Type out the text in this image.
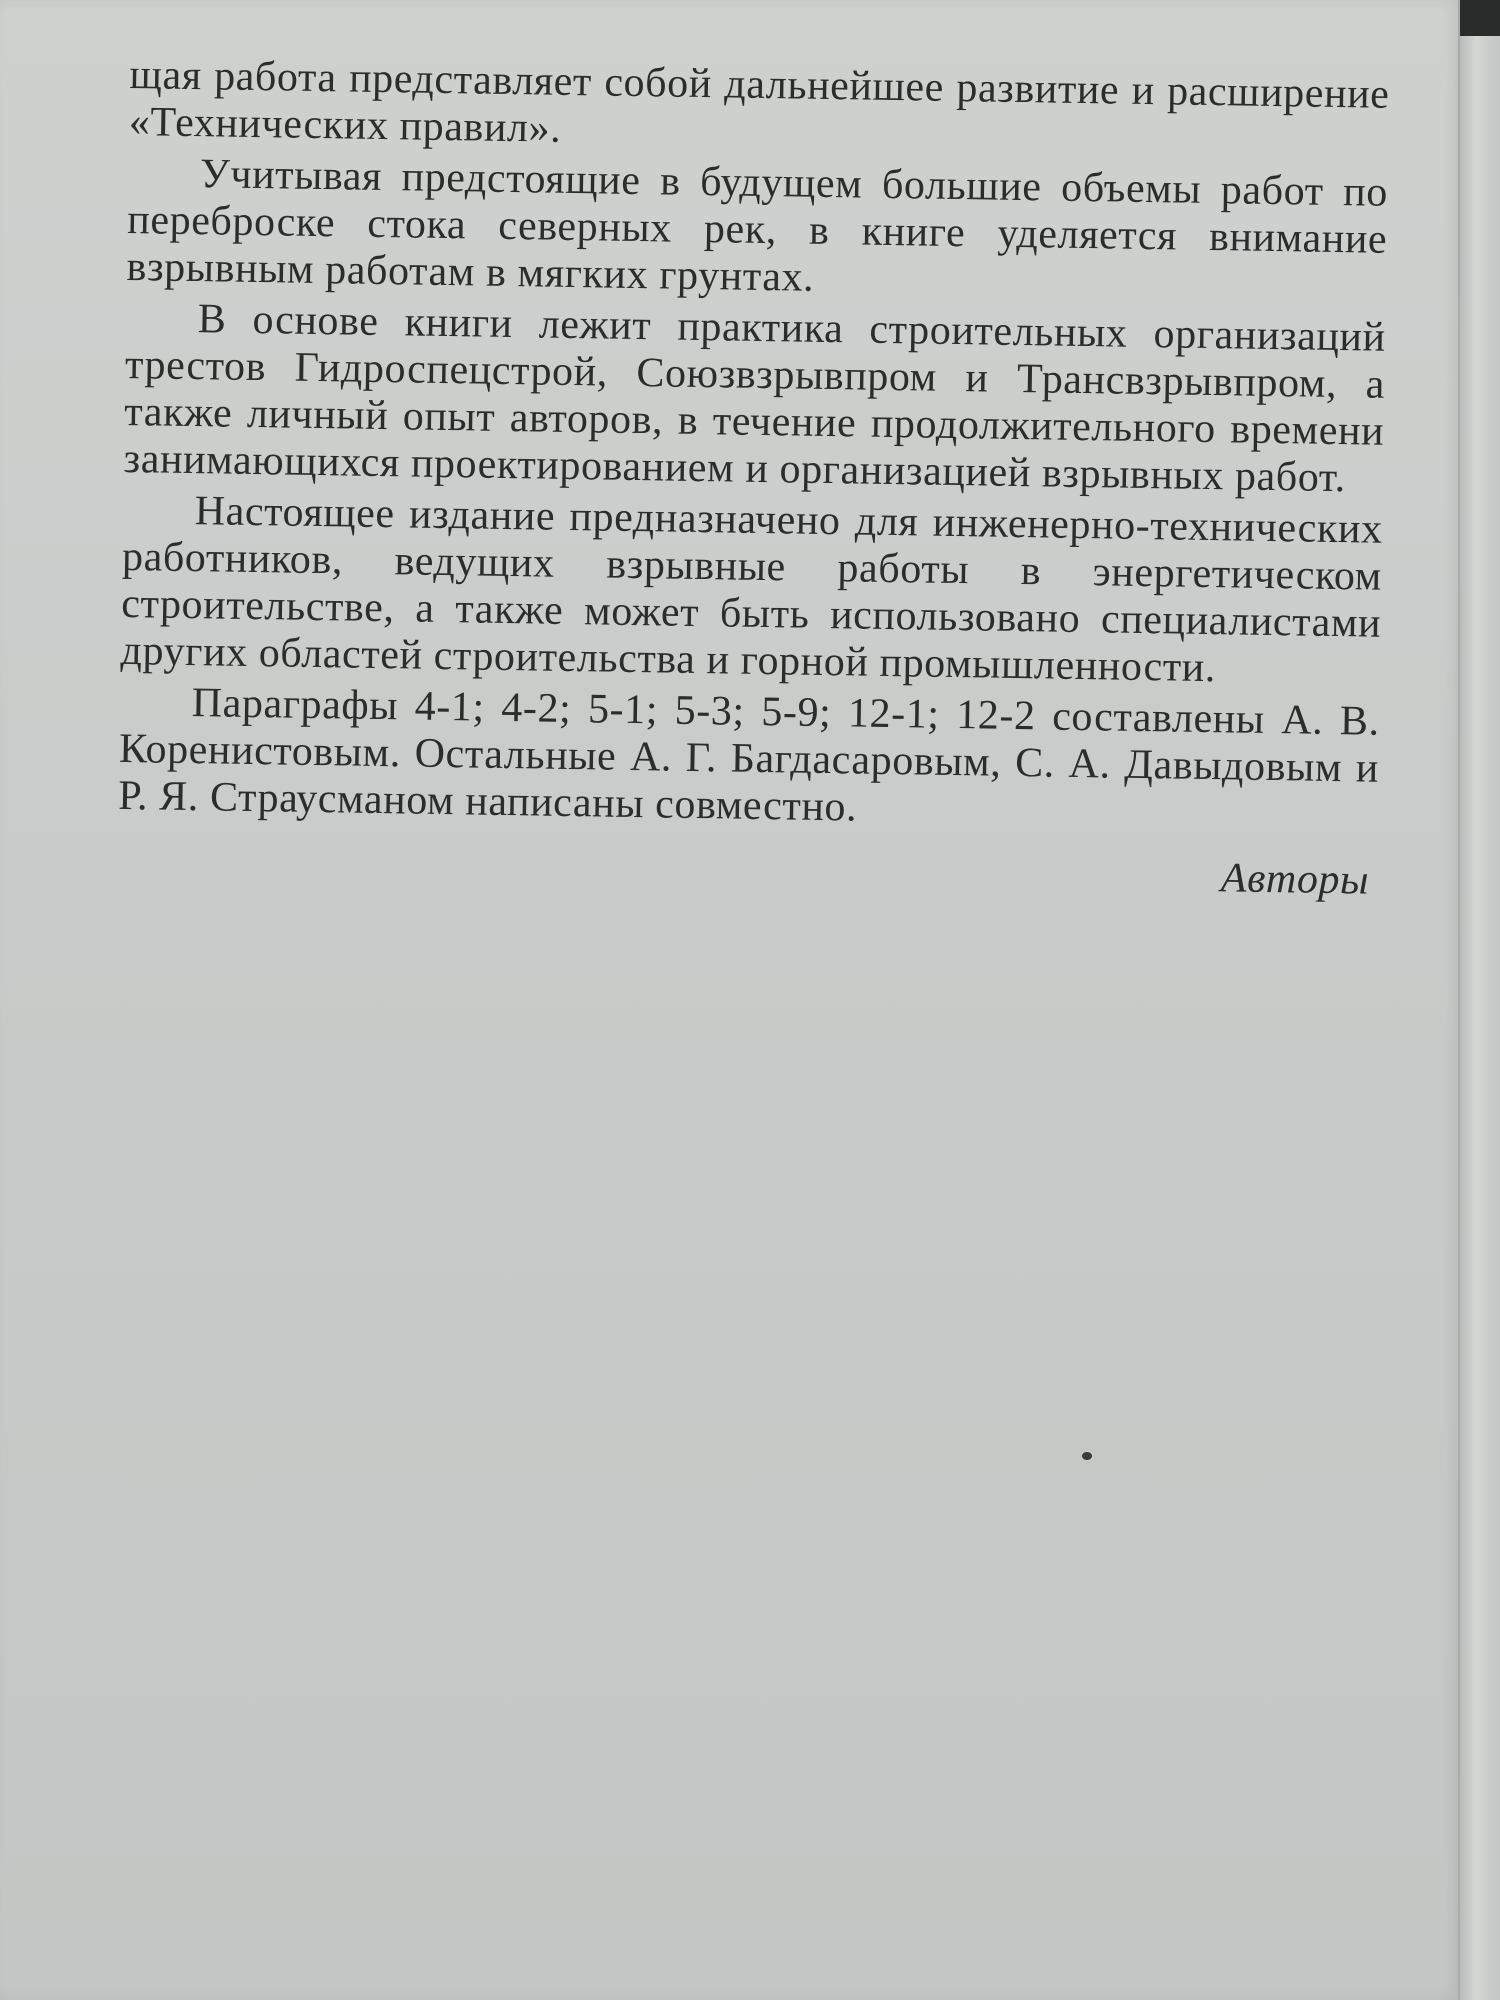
щая работа представляет собой дальнейшее развитие и расширение «Технических правил».

Учитывая предстоящие в будущем большие объемы работ по переброске стока северных рек, в книге уделяется внимание взрывным работам в мягких грунтах.

В основе книги лежит практика строительных организаций трестов Гидроспецстрой, Союзвзрывпром и Трансвзрывпром, а также личный опыт авторов, в течение продолжительного времени занимающихся проектированием и организацией взрывных работ.

Настоящее издание предназначено для инженерно-технических работников, ведущих взрывные работы в энергетическом строительстве, а также может быть использовано специалистами других областей строительства и горной промышленности.

Параграфы 4-1; 4-2; 5-1; 5-3; 5-9; 12-1; 12-2 составлены А. В. Коренистовым. Остальные А. Г. Багдасаровым, С. А. Давыдовым и Р. Я. Страусманом написаны совместно.

Авторы
